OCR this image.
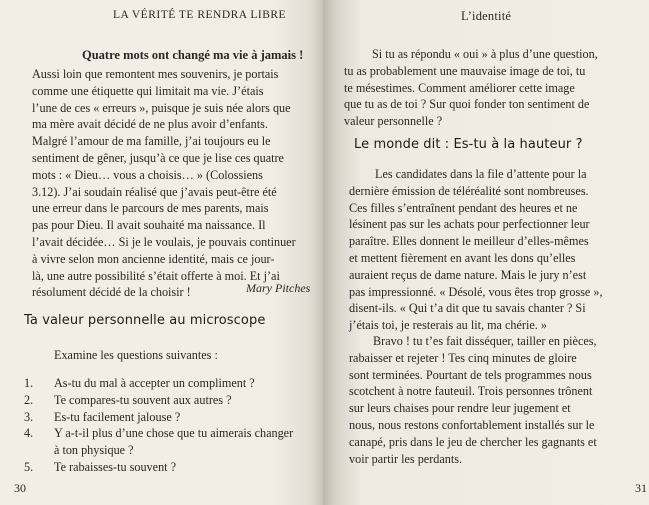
LA VÉRITÉ TE RENDRA LIBRE
Quatre mots ont changé ma vie à jamais !
Aussi loin que remontent mes souvenirs, je portais
comme une étiquette qui limitait ma vie. J’étais
l’une de ces « erreurs », puisque je suis née alors que
ma mère avait décidé de ne plus avoir d’enfants.
Malgré l’amour de ma famille, j’ai toujours eu le
sentiment de gêner, jusqu’à ce que je lise ces quatre
mots : « Dieu… vous a choisis… » (Colossiens
3.12). J’ai soudain réalisé que j’avais peut-être été
une erreur dans le parcours de mes parents, mais
pas pour Dieu. Il avait souhaité ma naissance. Il
l’avait décidée… Si je le voulais, je pouvais continuer
à vivre selon mon ancienne identité, mais ce jour-
là, une autre possibilité s’était offerte à moi. Et j’ai
résolument décidé de la choisir !	Mary Pitches
Ta valeur personnelle au microscope
Examine les questions suivantes :
1.	As-tu du mal à accepter un compliment ?
2.	Te compares-tu souvent aux autres ?
3.	Es-tu facilement jalouse ?
4.	Y a-t-il plus d’une chose que tu aimerais changer
à ton physique ?
5.	Te rabaisses-tu souvent ?
30
L’identité
Si tu as répondu « oui » à plus d’une question,
tu as probablement une mauvaise image de toi, tu
te mésestimes. Comment améliorer cette image
que tu as de toi ? Sur quoi fonder ton sentiment de
valeur personnelle ?
Le monde dit : Es-tu à la hauteur ?
Les candidates dans la file d’attente pour la
dernière émission de téléréalité sont nombreuses.
Ces filles s’entraînent pendant des heures et ne
lésinent pas sur les achats pour perfectionner leur
paraître. Elles donnent le meilleur d’elles-mêmes
et mettent fièrement en avant les dons qu’elles
auraient reçus de dame nature. Mais le jury n’est
pas impressionné. « Désolé, vous êtes trop grosse »,
disent-ils. « Qui t’a dit que tu savais chanter ? Si
j’étais toi, je resterais au lit, ma chérie. »
Bravo ! tu t’es fait disséquer, tailler en pièces,
rabaisser et rejeter ! Tes cinq minutes de gloire
sont terminées. Pourtant de tels programmes nous
scotchent à notre fauteuil. Trois personnes trônent
sur leurs chaises pour rendre leur jugement et
nous, nous restons confortablement installés sur le
canapé, pris dans le jeu de chercher les gagnants et
voir partir les perdants.
31
